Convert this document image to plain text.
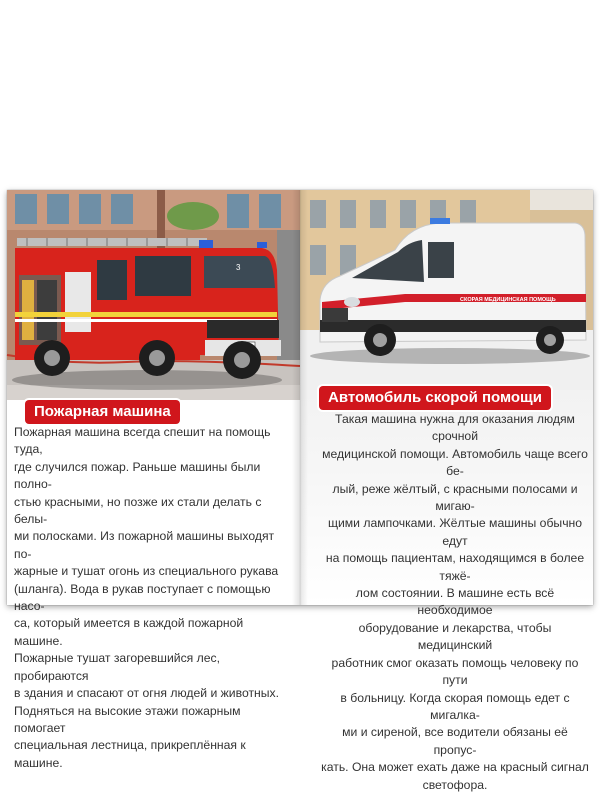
3
Пожарная машина

Пожарная машина всегда спешит на помощь туда,
где случился пожар. Раньше машины были полно-
стью красными, но позже их стали делать с белы-
ми полосками. Из пожарной машины выходят по-
жарные и тушат огонь из специального рукава
(шланга). Вода в рукав поступает с помощью насо-
са, который имеется в каждой пожарной машине.
Пожарные тушат загоревшийся лес, пробираются
в здания и спасают от огня людей и животных.
Подняться на высокие этажи пожарным помогает
специальная лестница, прикреплённая к машине.

СКОРАЯ МЕДИЦИНСКАЯ ПОМОЩЬ
Автомобиль скорой помощи

Такая машина нужна для оказания людям срочной
медицинской помощи. Автомобиль чаще всего бе-
лый, реже жёлтый, с красными полосами и мигаю-
щими лампочками. Жёлтые машины обычно едут
на помощь пациентам, находящимся в более тяжё-
лом состоянии. В машине есть всё необходимое
оборудование и лекарства, чтобы медицинский
работник смог оказать помощь человеку по пути
в больницу. Когда скорая помощь едет с мигалка-
ми и сиреной, все водители обязаны её пропус-
кать. Она может ехать даже на красный сигнал
светофора.
